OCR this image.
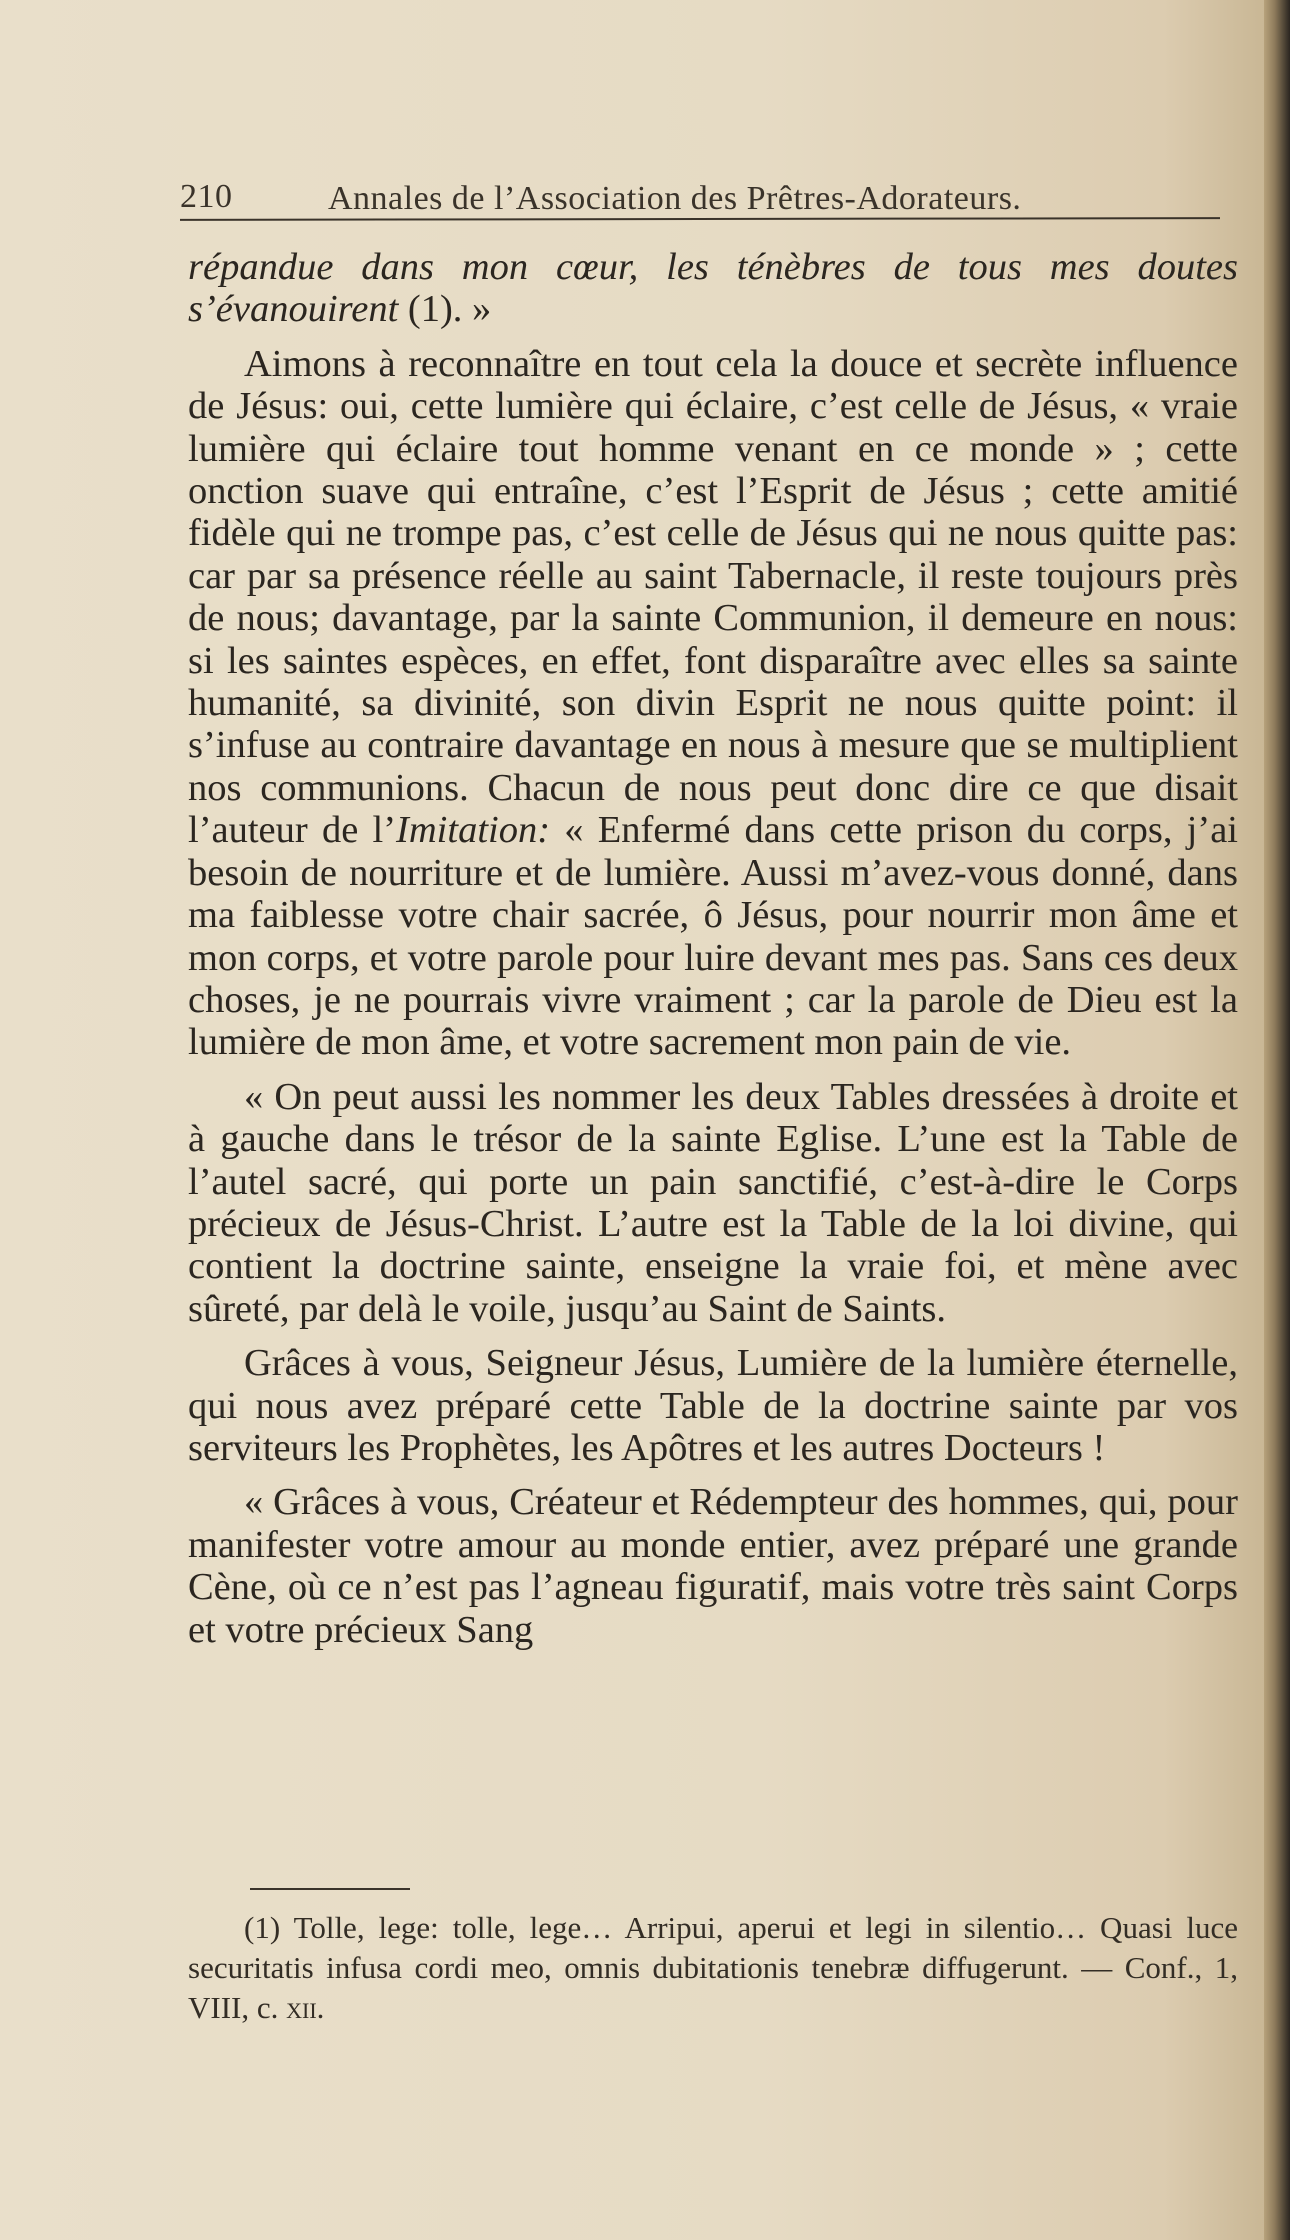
210	Annales de l’Association des Prêtres-Adorateurs.

répandue dans mon cœur, les ténèbres de tous mes doutes s’évanouirent (1). »

Aimons à reconnaître en tout cela la douce et secrète influence de Jésus: oui, cette lumière qui éclaire, c’est celle de Jésus, « vraie lumière qui éclaire tout homme venant en ce monde » ; cette onction suave qui entraîne, c’est l’Esprit de Jésus ; cette amitié fidèle qui ne trompe pas, c’est celle de Jésus qui ne nous quitte pas: car par sa présence réelle au saint Tabernacle, il reste toujours près de nous; davantage, par la sainte Communion, il demeure en nous: si les saintes espèces, en effet, font disparaître avec elles sa sainte humanité, sa divinité, son divin Esprit ne nous quitte point: il s’infuse au contraire davantage en nous à mesure que se multiplient nos communions. Chacun de nous peut donc dire ce que disait l’auteur de l’Imitation: « Enfermé dans cette prison du corps, j’ai besoin de nourriture et de lumière. Aussi m’avez-vous donné, dans ma faiblesse votre chair sacrée, ô Jésus, pour nourrir mon âme et mon corps, et votre parole pour luire devant mes pas. Sans ces deux choses, je ne pourrais vivre vraiment ; car la parole de Dieu est la lumière de mon âme, et votre sacrement mon pain de vie.

« On peut aussi les nommer les deux Tables dressées à droite et à gauche dans le trésor de la sainte Eglise. L’une est la Table de l’autel sacré, qui porte un pain sanctifié, c’est-à-dire le Corps précieux de Jésus-Christ. L’autre est la Table de la loi divine, qui contient la doctrine sainte, enseigne la vraie foi, et mène avec sûreté, par delà le voile, jusqu’au Saint de Saints.

Grâces à vous, Seigneur Jésus, Lumière de la lumière éternelle, qui nous avez préparé cette Table de la doctrine sainte par vos serviteurs les Prophètes, les Apôtres et les autres Docteurs !

« Grâces à vous, Créateur et Rédempteur des hommes, qui, pour manifester votre amour au monde entier, avez préparé une grande Cène, où ce n’est pas l’agneau figuratif, mais votre très saint Corps et votre précieux Sang

(1) Tolle, lege: tolle, lege… Arripui, aperui et legi in silentio… Quasi luce securitatis infusa cordi meo, omnis dubitationis tenebræ diffugerunt. — Conf., 1, VIII, c. xii.
